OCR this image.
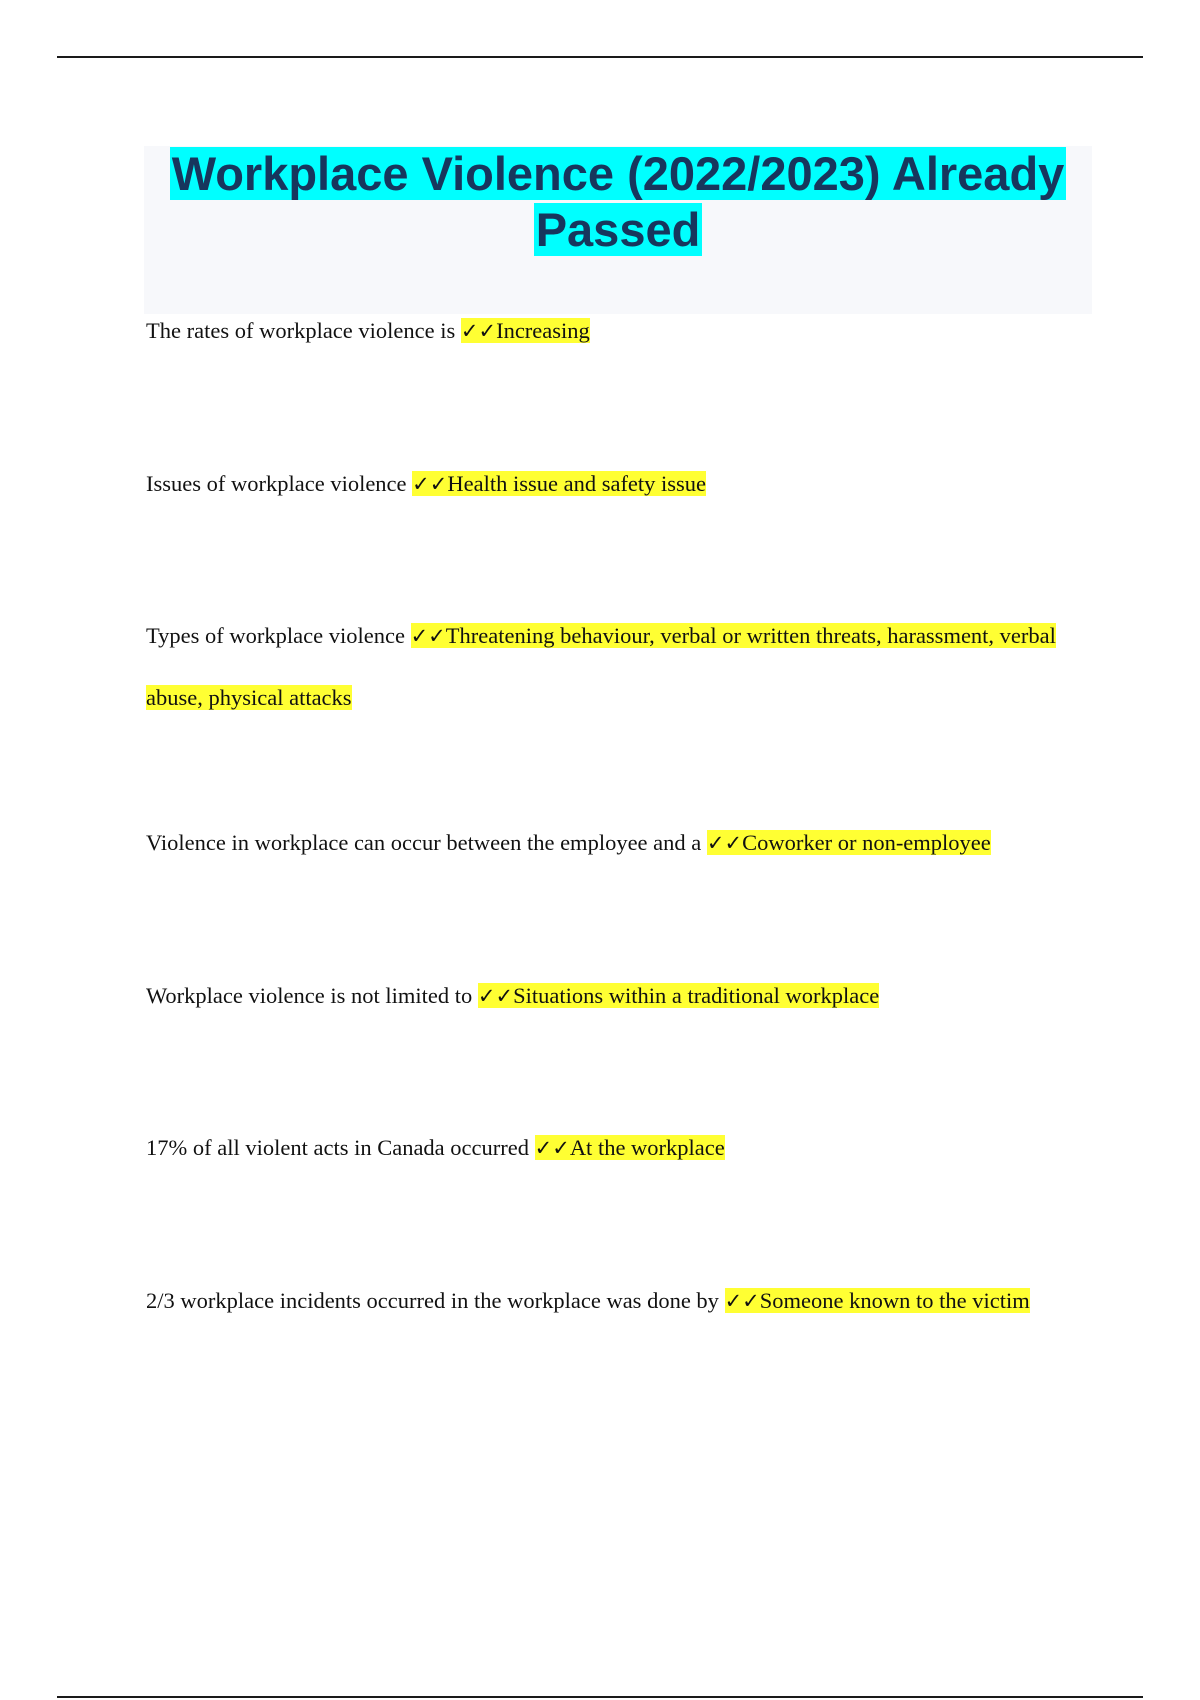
Workplace Violence (2022/2023) Already
Passed

The rates of workplace violence is ✓✓Increasing

Issues of workplace violence ✓✓Health issue and safety issue

Types of workplace violence ✓✓Threatening behaviour, verbal or written threats, harassment, verbal abuse, physical attacks

Violence in workplace can occur between the employee and a ✓✓Coworker or non-employee

Workplace violence is not limited to ✓✓Situations within a traditional workplace

17% of all violent acts in Canada occurred ✓✓At the workplace

2/3 workplace incidents occurred in the workplace was done by ✓✓Someone known to the victim
